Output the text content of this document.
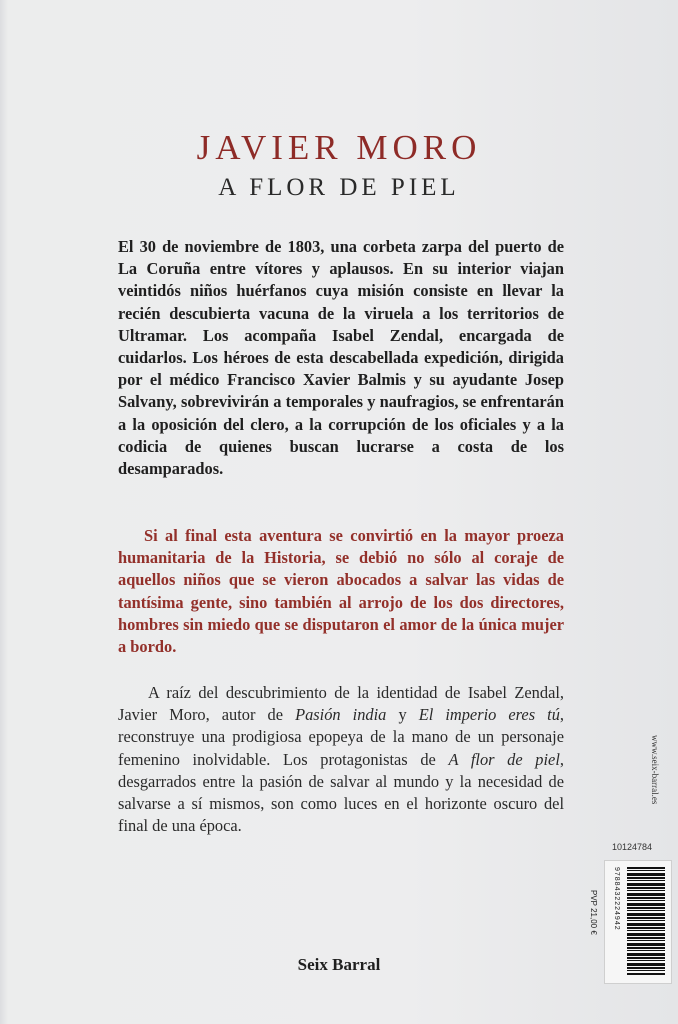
JAVIER MORO
A FLOR DE PIEL

El 30 de noviembre de 1803, una corbeta zarpa del puerto de La Coruña entre vítores y aplausos. En su interior viajan veintidós niños huérfanos cuya misión consiste en llevar la recién descubierta vacuna de la viruela a los territorios de Ultramar. Los acompaña Isabel Zendal, encargada de cuidarlos. Los héroes de esta descabellada expedición, dirigida por el médico Francisco Xavier Balmis y su ayudante Josep Salvany, sobrevivirán a temporales y naufragios, se enfrentarán a la oposición del clero, a la corrupción de los oficiales y a la codicia de quienes buscan lucrarse a costa de los desamparados.

Si al final esta aventura se convirtió en la mayor proeza humanitaria de la Historia, se debió no sólo al coraje de aquellos niños que se vieron abocados a salvar las vidas de tantísima gente, sino también al arrojo de los dos directores, hombres sin miedo que se disputaron el amor de la única mujer a bordo.

A raíz del descubrimiento de la identidad de Isabel Zendal, Javier Moro, autor de Pasión india y El imperio eres tú, reconstruye una prodigiosa epopeya de la mano de un personaje femenino inolvidable. Los protagonistas de A flor de piel, desgarrados entre la pasión de salvar al mundo y la necesidad de salvarse a sí mismos, son como luces en el horizonte oscuro del final de una época.

Seix Barral
www.seix-barral.es
10124784
PVP 21,00 € 9788432224942
